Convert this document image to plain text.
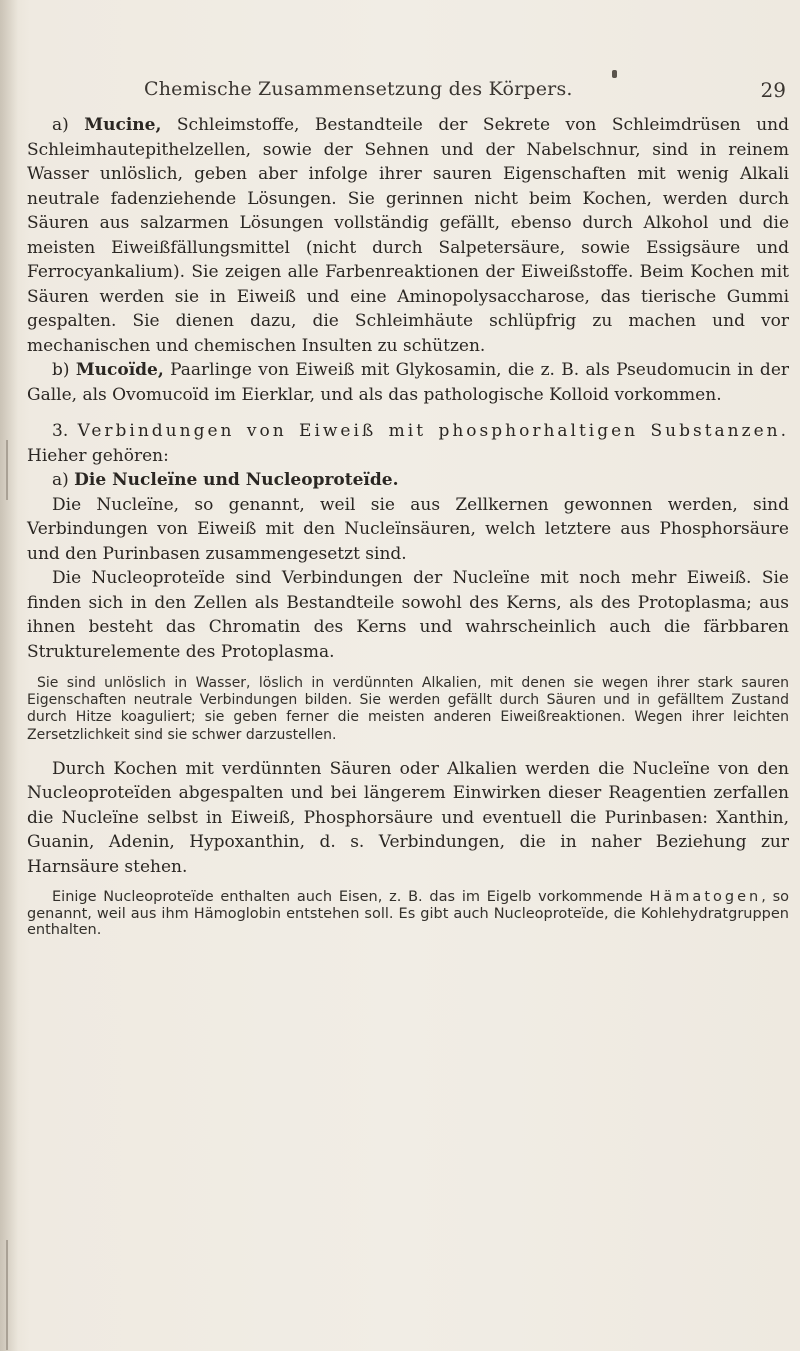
Chemische Zusammensetzung des Körpers.	29

a) Mucine, Schleimstoffe, Bestandteile der Sekrete von Schleimdrüsen und Schleimhautepithelzellen, sowie der Sehnen und der Nabelschnur, sind in reinem Wasser unlöslich, geben aber infolge ihrer sauren Eigenschaften mit wenig Alkali neutrale fadenziehende Lösungen. Sie gerinnen nicht beim Kochen, werden durch Säuren aus salzarmen Lösungen vollständig gefällt, ebenso durch Alkohol und die meisten Eiweißfällungsmittel (nicht durch Salpetersäure, sowie Essigsäure und Ferrocyankalium). Sie zeigen alle Farbenreaktionen der Eiweißstoffe. Beim Kochen mit Säuren werden sie in Eiweiß und eine Aminopolysaccharose, das tierische Gummi gespalten. Sie dienen dazu, die Schleimhäute schlüpfrig zu machen und vor mechanischen und chemischen Insulten zu schützen.

b) Mucoïde, Paarlinge von Eiweiß mit Glykosamin, die z. B. als Pseudomucin in der Galle, als Ovomucoïd im Eierklar, und als das pathologische Kolloid vorkommen.

3. Verbindungen von Eiweiß mit phosphorhaltigen Substanzen. Hieher gehören:

a) Die Nucleïne und Nucleoproteïde.

Die Nucleïne, so genannt, weil sie aus Zellkernen gewonnen werden, sind Verbindungen von Eiweiß mit den Nucleïnsäuren, welch letztere aus Phosphorsäure und den Purinbasen zusammengesetzt sind.

Die Nucleoproteïde sind Verbindungen der Nucleïne mit noch mehr Eiweiß. Sie finden sich in den Zellen als Bestandteile sowohl des Kerns, als des Protoplasma; aus ihnen besteht das Chromatin des Kerns und wahrscheinlich auch die färbbaren Strukturelemente des Protoplasma.

Sie sind unlöslich in Wasser, löslich in verdünnten Alkalien, mit denen sie wegen ihrer stark sauren Eigenschaften neutrale Verbindungen bilden. Sie werden gefällt durch Säuren und in gefälltem Zustand durch Hitze koaguliert; sie geben ferner die meisten anderen Eiweißreaktionen. Wegen ihrer leichten Zersetzlichkeit sind sie schwer darzustellen.

Durch Kochen mit verdünnten Säuren oder Alkalien werden die Nucleïne von den Nucleoproteïden abgespalten und bei längerem Einwirken dieser Reagentien zerfallen die Nucleïne selbst in Eiweiß, Phosphorsäure und eventuell die Purinbasen: Xanthin, Guanin, Adenin, Hypoxanthin, d. s. Verbindungen, die in naher Beziehung zur Harnsäure stehen.

Einige Nucleoproteïde enthalten auch Eisen, z. B. das im Eigelb vorkommende Hämatogen, so genannt, weil aus ihm Hämoglobin entstehen soll. Es gibt auch Nucleoproteïde, die Kohlehydratgruppen enthalten.
